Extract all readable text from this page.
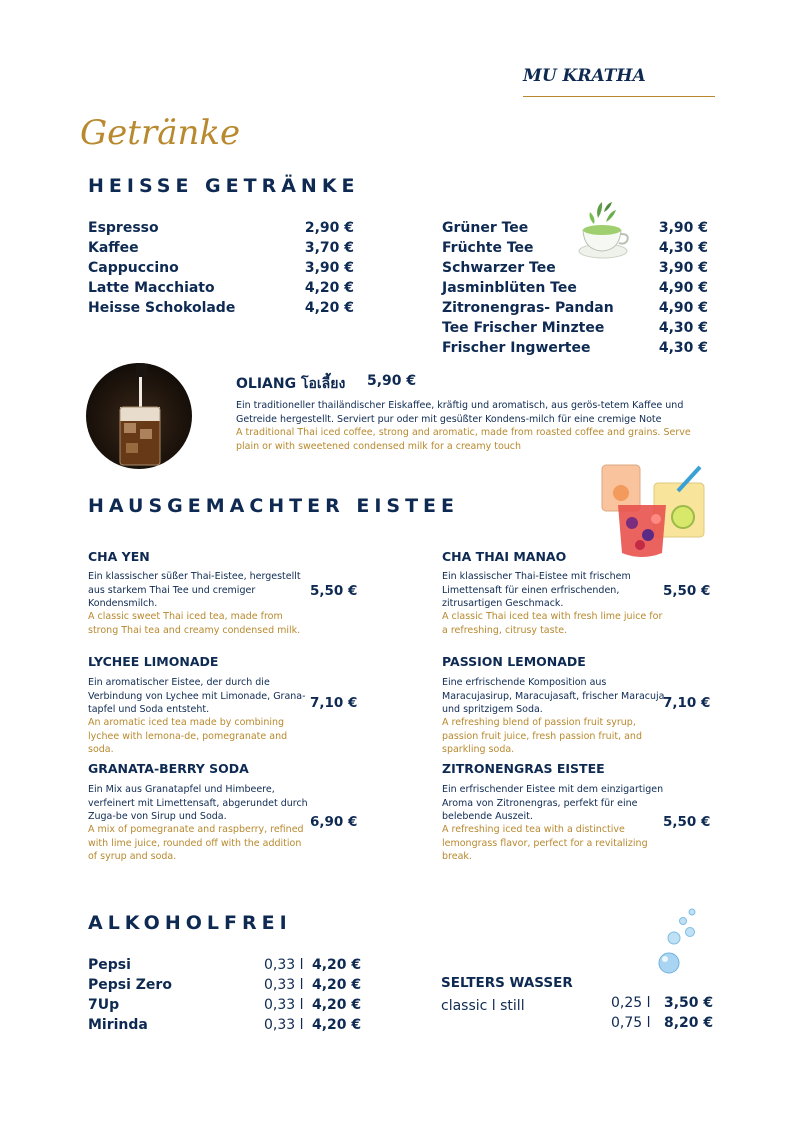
MU KRATHA
Getränke
HEISSE GETRÄNKE
Espresso	2,90 €
Kaffee	3,70 €
Cappuccino	3,90 €
Latte Macchiato	4,20 €
Heisse Schokolade	4,20 €
Grüner Tee	3,90 €
Früchte Tee	4,30 €
Schwarzer Tee	3,90 €
Jasminblüten Tee	4,90 €
Zitronengras- Pandan	4,90 €
Tee Frischer Minztee	4,30 €
Frischer Ingwertee	4,30 €
OLIANG โอเลี้ยง 5,90 €
Ein traditioneller thailändischer Eiskaffee, kräftig und aromatisch, aus gerös-tetem Kaffee und Getreide hergestellt. Serviert pur oder mit gesüßter Kondens-milch für eine cremige Note
A traditional Thai iced coffee, strong and aromatic, made from roasted coffee and grains. Serve plain or with sweetened condensed milk for a creamy touch
HAUSGEMACHTER EISTEE
CHA YEN
Ein klassischer süßer Thai-Eistee, hergestellt aus starkem Thai Tee und cremiger Kondensmilch.
A classic sweet Thai iced tea, made from strong Thai tea and creamy condensed milk.
5,50 €
CHA THAI MANAO
Ein klassischer Thai-Eistee mit frischem Limettensaft für einen erfrischenden, zitrusartigen Geschmack.
A classic Thai iced tea with fresh lime juice for a refreshing, citrusy taste.
5,50 €
LYCHEE LIMONADE
Ein aromatischer Eistee, der durch die Verbindung von Lychee mit Limonade, Grana-tapfel und Soda entsteht.
An aromatic iced tea made by combining lychee with lemona-de, pomegranate and soda.
7,10 €
PASSION LEMONADE
Eine erfrischende Komposition aus Maracujasirup, Maracujasaft, frischer Maracuja und spritzigem Soda.
A refreshing blend of passion fruit syrup, passion fruit juice, fresh passion fruit, and sparkling soda.
7,10 €
GRANATA-BERRY SODA
Ein Mix aus Granatapfel und Himbeere, verfeinert mit Limettensaft, abgerundet durch Zuga-be von Sirup und Soda.
A mix of pomegranate and raspberry, refined with lime juice, rounded off with the addition of syrup and soda.
6,90 €
ZITRONENGRAS EISTEE
Ein erfrischender Eistee mit dem einzigartigen Aroma von Zitronengras, perfekt für eine belebende Auszeit.
A refreshing iced tea with a distinctive lemongrass flavor, perfect for a revitalizing break.
5,50 €
ALKOHOLFREI
Pepsi	0,33 l 4,20 €
Pepsi Zero	0,33 l 4,20 €
7Up	0,33 l 4,20 €
Mirinda	0,33 l 4,20 €
SELTERS WASSER
classic l still	0,25 l 3,50 €
0,75 l 8,20 €
